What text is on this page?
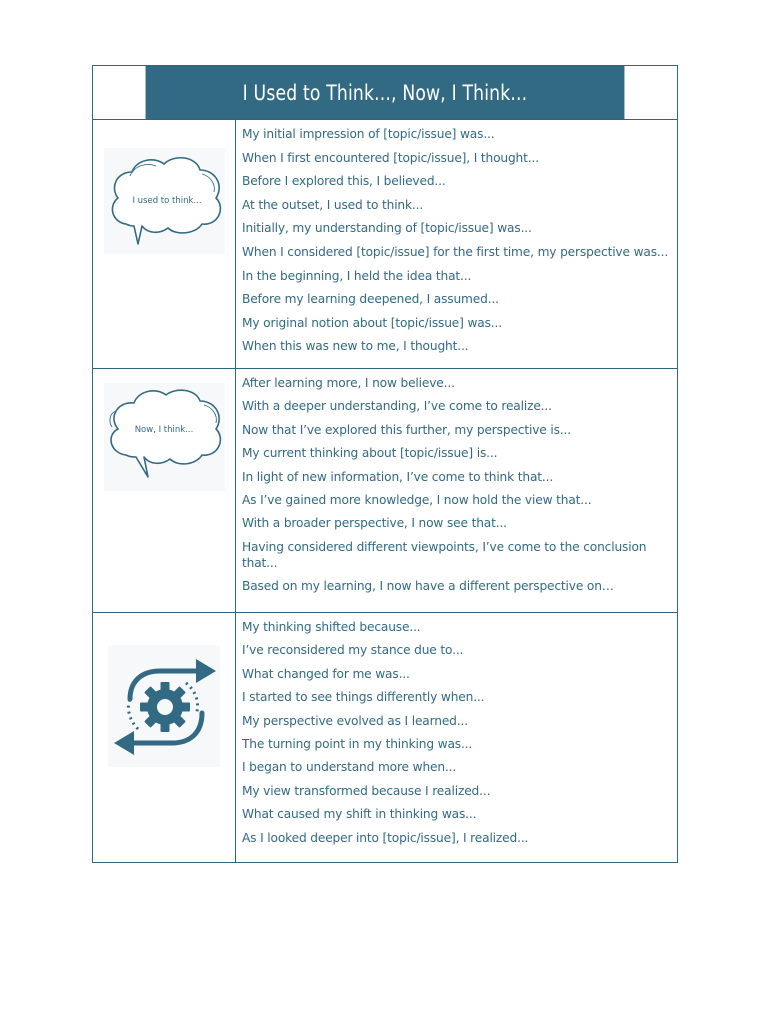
I Used to Think..., Now, I Think...
I used to think...
My initial impression of [topic/issue] was...
When I first encountered [topic/issue], I thought...
Before I explored this, I believed...
At the outset, I used to think...
Initially, my understanding of [topic/issue] was...
When I considered [topic/issue] for the first time, my perspective was...
In the beginning, I held the idea that...
Before my learning deepened, I assumed...
My original notion about [topic/issue] was...
When this was new to me, I thought...
Now, I think...
After learning more, I now believe...
With a deeper understanding, I’ve come to realize...
Now that I’ve explored this further, my perspective is...
My current thinking about [topic/issue] is...
In light of new information, I’ve come to think that...
As I’ve gained more knowledge, I now hold the view that...
With a broader perspective, I now see that...
Having considered different viewpoints, I’ve come to the conclusion that...
Based on my learning, I now have a different perspective on…
My thinking shifted because...
I’ve reconsidered my stance due to...
What changed for me was...
I started to see things differently when...
My perspective evolved as I learned...
The turning point in my thinking was...
I began to understand more when...
My view transformed because I realized...
What caused my shift in thinking was...
As I looked deeper into [topic/issue], I realized...
